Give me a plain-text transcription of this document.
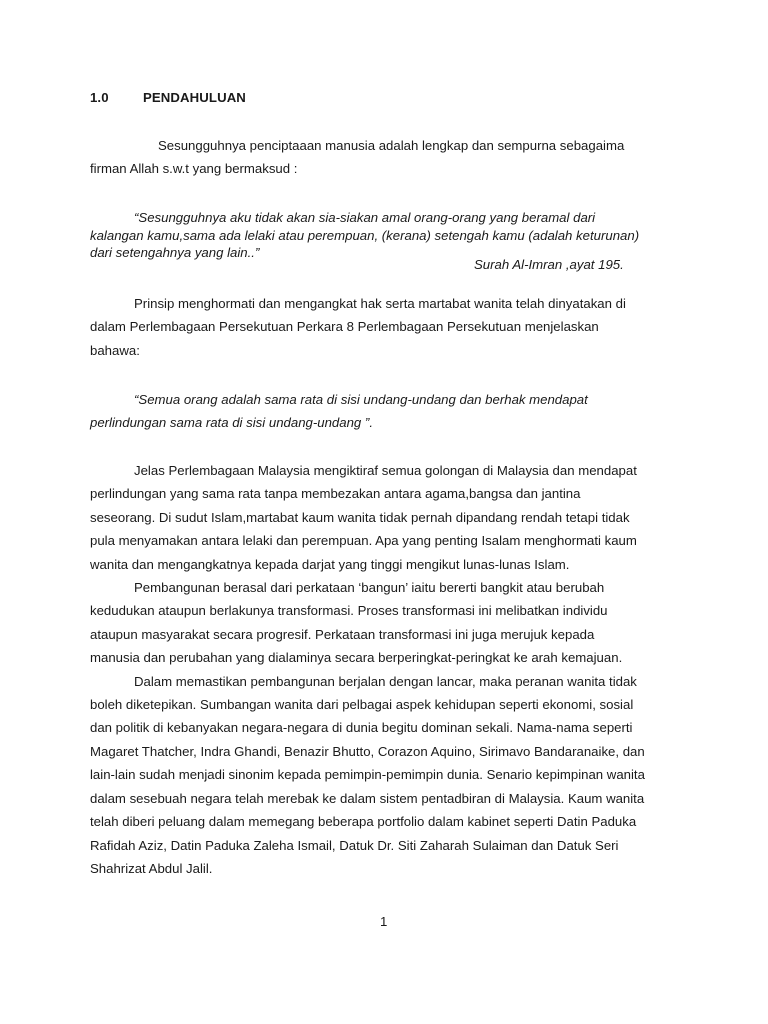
1.0	PENDAHULUAN
Sesungguhnya penciptaaan manusia adalah lengkap dan sempurna sebagaima
firman Allah s.w.t yang bermaksud :
“Sesungguhnya aku tidak akan sia-siakan amal orang-orang yang beramal dari
kalangan kamu,sama ada lelaki atau perempuan, (kerana) setengah kamu (adalah keturunan)
dari setengahnya yang lain..”
Surah Al-Imran ,ayat 195.
Prinsip menghormati dan mengangkat hak serta martabat wanita telah dinyatakan di
dalam Perlembagaan Persekutuan Perkara 8 Perlembagaan Persekutuan menjelaskan
bahawa:
“Semua orang adalah sama rata di sisi undang-undang dan berhak mendapat
perlindungan sama rata di sisi undang-undang ”.
Jelas Perlembagaan Malaysia mengiktiraf semua golongan di Malaysia dan mendapat
perlindungan yang sama rata tanpa membezakan antara agama,bangsa dan jantina
seseorang. Di sudut Islam,martabat kaum wanita tidak pernah dipandang rendah tetapi tidak
pula menyamakan antara lelaki dan perempuan. Apa yang penting Isalam menghormati kaum
wanita dan mengangkatnya kepada darjat yang tinggi mengikut lunas-lunas Islam.
Pembangunan berasal dari perkataan ‘bangun’ iaitu bererti bangkit atau berubah
kedudukan ataupun berlakunya transformasi. Proses transformasi ini melibatkan individu
ataupun masyarakat secara progresif. Perkataan transformasi ini juga merujuk kepada
manusia dan perubahan yang dialaminya secara berperingkat-peringkat ke arah kemajuan.
Dalam memastikan pembangunan berjalan dengan lancar, maka peranan wanita tidak
boleh diketepikan. Sumbangan wanita dari pelbagai aspek kehidupan seperti ekonomi, sosial
dan politik di kebanyakan negara-negara di dunia begitu dominan sekali. Nama-nama seperti
Magaret Thatcher, Indra Ghandi, Benazir Bhutto, Corazon Aquino, Sirimavo Bandaranaike, dan
lain-lain sudah menjadi sinonim kepada pemimpin-pemimpin dunia. Senario kepimpinan wanita
dalam sesebuah negara telah merebak ke dalam sistem pentadbiran di Malaysia. Kaum wanita
telah diberi peluang dalam memegang beberapa portfolio dalam kabinet seperti Datin Paduka
Rafidah Aziz, Datin Paduka Zaleha Ismail, Datuk Dr. Siti Zaharah Sulaiman dan Datuk Seri
Shahrizat Abdul Jalil.
1
